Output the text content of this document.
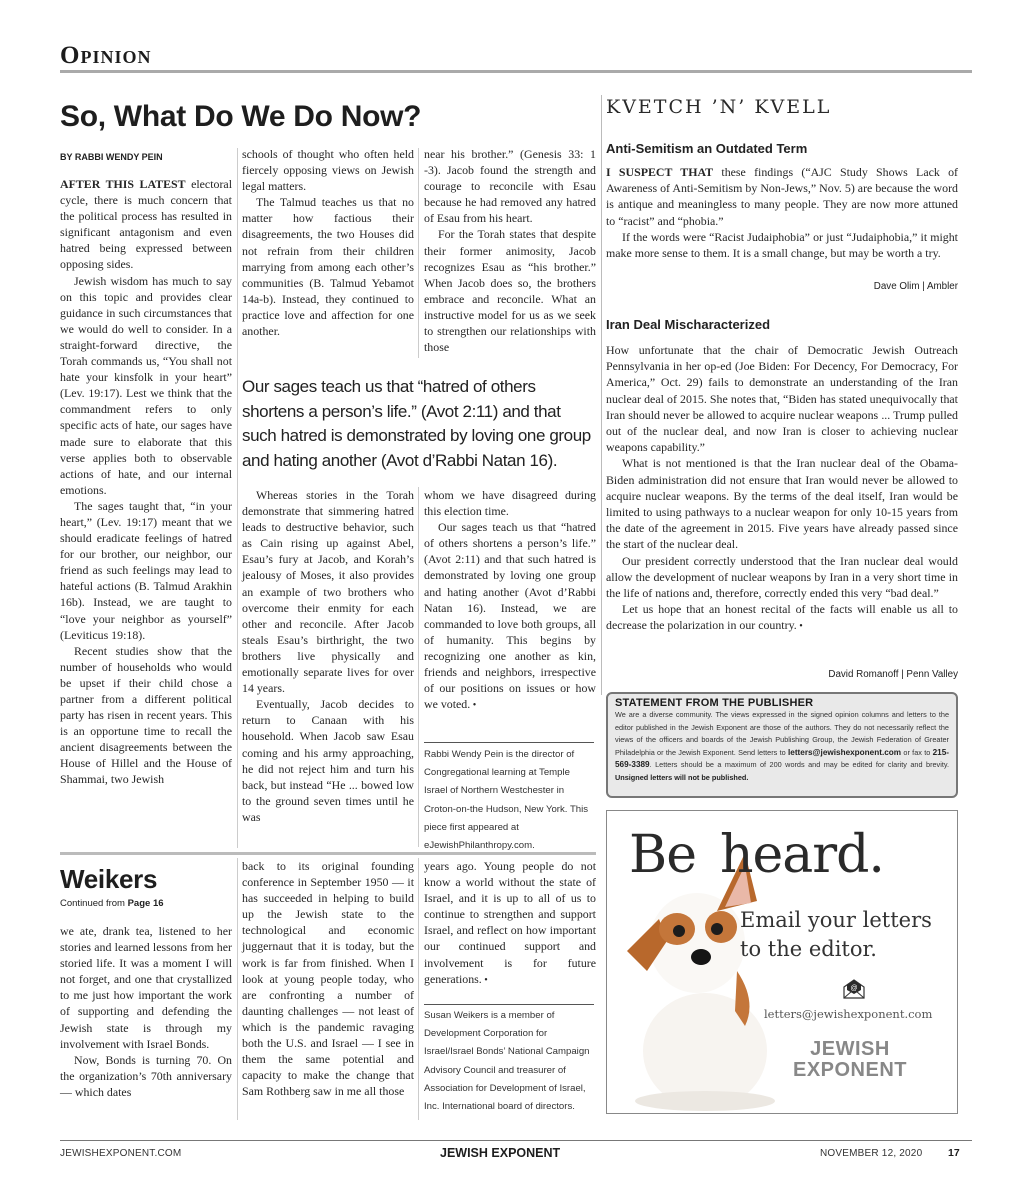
Opinion
So, What Do We Do Now?
BY RABBI WENDY PEIN

AFTER THIS LATEST electoral cycle, there is much concern that the political process has resulted in significant antagonism and even hatred being expressed between opposing sides.

Jewish wisdom has much to say on this topic and provides clear guidance in such circumstances that we would do well to consider. In a straight-forward directive, the Torah commands us, “You shall not hate your kinsfolk in your heart” (Lev. 19:17). Lest we think that the commandment refers to only specific acts of hate, our sages have made sure to elaborate that this verse applies both to observable actions of hate, and our internal emotions.

The sages taught that, “in your heart,” (Lev. 19:17) meant that we should eradicate feelings of hatred for our brother, our neighbor, our friend as such feelings may lead to hateful actions (B. Talmud Arakhin 16b). Instead, we are taught to “love your neighbor as yourself” (Leviticus 19:18).

Recent studies show that the number of households who would be upset if their child chose a partner from a different political party has risen in recent years. This is an opportune time to recall the ancient disagreements between the House of Hillel and the House of Shammai, two Jewish

schools of thought who often held fiercely opposing views on Jewish legal matters.

The Talmud teaches us that no matter how factious their disagreements, the two Houses did not refrain from their children marrying from among each other’s communities (B. Talmud Yebamot 14a-b). Instead, they continued to practice love and affection for one another.

near his brother.” (Genesis 33: 1 -3). Jacob found the strength and courage to reconcile with Esau because he had removed any hatred of Esau from his heart.

For the Torah states that despite their former animosity, Jacob recognizes Esau as “his brother.” When Jacob does so, the brothers embrace and reconcile. What an instructive model for us as we seek to strengthen our relationships with those

Our sages teach us that “hatred of others shortens a person’s life.” (Avot 2:11) and that such hatred is demonstrated by loving one group and hating another (Avot d’Rabbi Natan 16).

Whereas stories in the Torah demonstrate that simmering hatred leads to destructive behavior, such as Cain rising up against Abel, Esau’s fury at Jacob, and Korah’s jealousy of Moses, it also provides an example of two brothers who overcome their enmity for each other and reconcile. After Jacob steals Esau’s birthright, the two brothers live physically and emotionally separate lives for over 14 years.

Eventually, Jacob decides to return to Canaan with his household. When Jacob saw Esau coming and his army approaching, he did not reject him and turn his back, but instead “He ... bowed low to the ground seven times until he was

whom we have disagreed during this election time.

Our sages teach us that “hatred of others shortens a person’s life.” (Avot 2:11) and that such hatred is demonstrated by loving one group and hating another (Avot d’Rabbi Natan 16). Instead, we are commanded to love both groups, all of humanity. This begins by recognizing one another as kin, friends and neighbors, irrespective of our positions on issues or how we voted. •

Rabbi Wendy Pein is the director of Congregational learning at Temple Israel of Northern Westchester in Croton-on-the Hudson, New York. This piece first appeared at eJewishPhilanthropy.com.
Weikers
Continued from Page 16

we ate, drank tea, listened to her stories and learned lessons from her storied life. It was a moment I will not forget, and one that crystallized to me just how important the work of supporting and defending the Jewish state is through my involvement with Israel Bonds.

Now, Bonds is turning 70. On the organization’s 70th anniversary — which dates

back to its original founding conference in September 1950 — it has succeeded in helping to build up the Jewish state to the technological and economic juggernaut that it is today, but the work is far from finished. When I look at young people today, who are confronting a number of daunting challenges — not least of which is the pandemic ravaging both the U.S. and Israel — I see in them the same potential and capacity to make the change that Sam Rothberg saw in me all those

years ago. Young people do not know a world without the state of Israel, and it is up to all of us to continue to strengthen and support Israel, and reflect on how important our continued support and involvement is for future generations. •

Susan Weikers is a member of Development Corporation for Israel/Israel Bonds’ National Campaign Advisory Council and treasurer of Association for Development of Israel, Inc. International board of directors.
KVETCH ’N’ KVELL
Anti-Semitism an Outdated Term

I SUSPECT THAT these findings (“AJC Study Shows Lack of Awareness of Anti-Semitism by Non-Jews,” Nov. 5) are because the word is antique and meaningless to many people. They are now more attuned to “racist” and “phobia.”

If the words were “Racist Judaiphobia” or just “Judaiphobia,” it might make more sense to them. It is a small change, but may be worth a try.

Dave Olim | Ambler
Iran Deal Mischaracterized

How unfortunate that the chair of Democratic Jewish Outreach Pennsylvania in her op-ed (Joe Biden: For Decency, For Democracy, For America,” Oct. 29) fails to demonstrate an understanding of the Iran nuclear deal of 2015. She notes that, “Biden has stated unequivocally that Iran should never be allowed to acquire nuclear weapons ... Trump pulled out of the nuclear deal, and now Iran is closer to achieving nuclear weapons capability.”

What is not mentioned is that the Iran nuclear deal of the Obama-Biden administration did not ensure that Iran would never be allowed to acquire nuclear weapons. By the terms of the deal itself, Iran would be limited to using pathways to a nuclear weapon for only 10-15 years from the date of the agreement in 2015. Five years have already passed since the start of the nuclear deal.

Our president correctly understood that the Iran nuclear deal would allow the development of nuclear weapons by Iran in a very short time in the life of nations and, therefore, correctly ended this very “bad deal.”

Let us hope that an honest recital of the facts will enable us all to decrease the polarization in our country. •

David Romanoff | Penn Valley
STATEMENT FROM THE PUBLISHER
We are a diverse community. The views expressed in the signed opinion columns and letters to the editor published in the Jewish Exponent are those of the authors. They do not necessarily reflect the views of the officers and boards of the Jewish Publishing Group, the Jewish Federation of Greater Philadelphia or the Jewish Exponent. Send letters to letters@jewishexponent.com or fax to 215-569-3389. Letters should be a maximum of 200 words and may be edited for clarity and brevity. Unsigned letters will not be published.
Be heard.
Email your letters to the editor.
@
letters@jewishexponent.com
JEWISH
EXPONENT
JEWISHEXPONENT.COM	JEWISH EXPONENT	NOVEMBER 12, 2020 17
